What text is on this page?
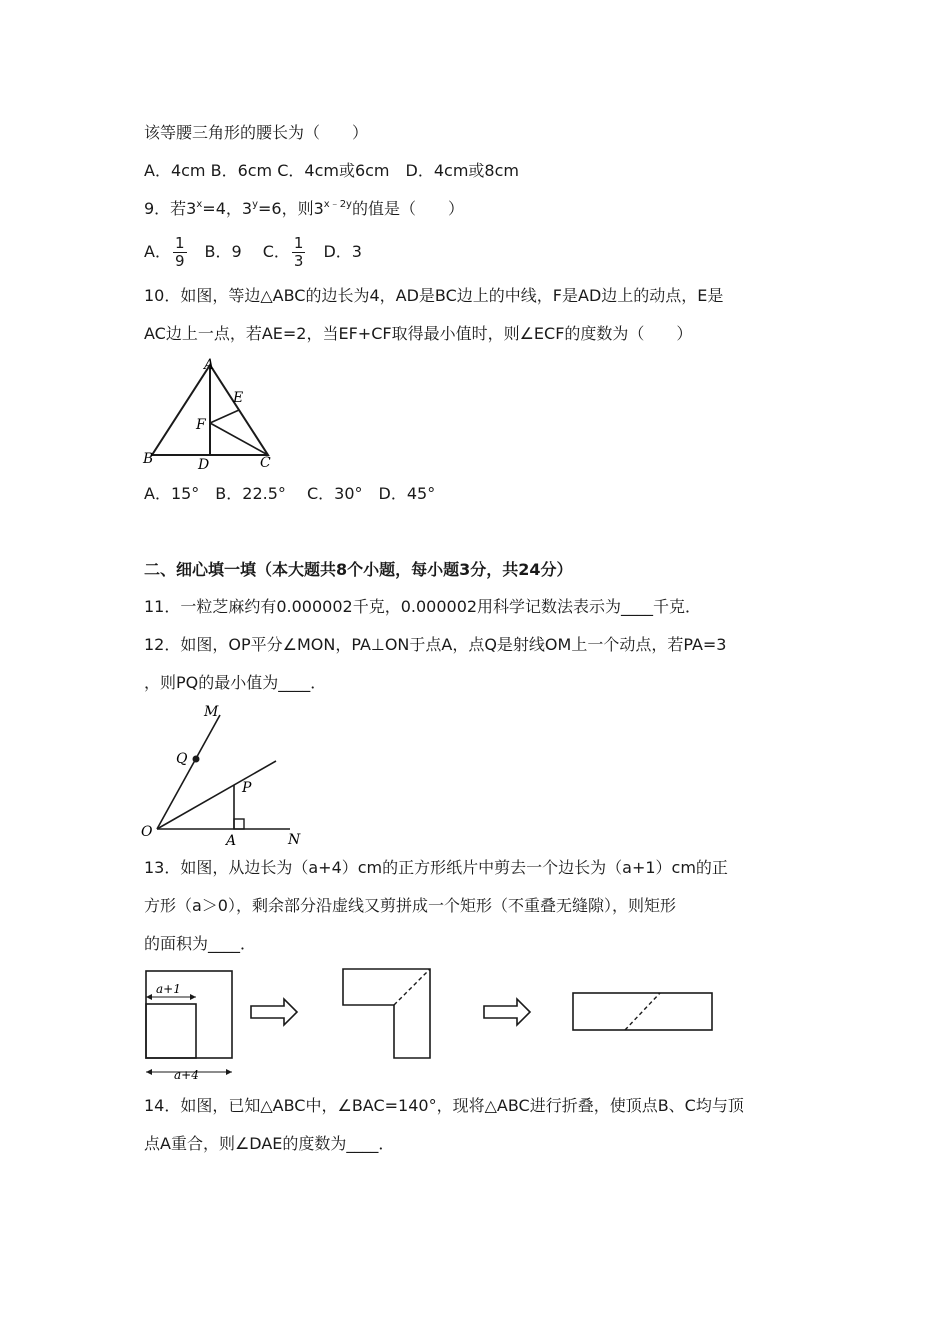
该等腰三角形的腰长为（　　）
A．4cm B．6cm C．4cm或6cm　D．4cm或8cm
9．若$3^x=4$，$3^y=6$，则$3^{x﹣2y}$的值是（　　）
A． $\frac{1}{9}$ 　B．9　 C． $\frac{1}{3}$ 　D．3
10．如图，等边△ABC的边长为4，AD是BC边上的中线，F是AD边上的动点，E是
AC边上一点，若AE=2，当EF+CF取得最小值时，则∠ECF的度数为（　　）
A
B	C
D
E
F
A．15°　B．22.5°　 C．30°　D．45°
二、细心填一填（本大题共8个小题，每小题3分，共24分）
11．一粒芝麻约有0.000002千克，0.000002用科学记数法表示为____千克．
12．如图，OP平分∠MON，PA⊥ON于点A，点Q是射线OM上一个动点，若PA=3
，则PQ的最小值为____．
M
Q
P
O
A	N
13．如图，从边长为（a+4）cm的正方形纸片中剪去一个边长为（a+1）cm的正
方形（a＞0），剩余部分沿虚线又剪拼成一个矩形（不重叠无缝隙），则矩形
的面积为____．
a+1
a+4
14．如图，已知△ABC中，∠BAC=140°，现将△ABC进行折叠，使顶点B、C均与顶
点A重合，则∠DAE的度数为____．
